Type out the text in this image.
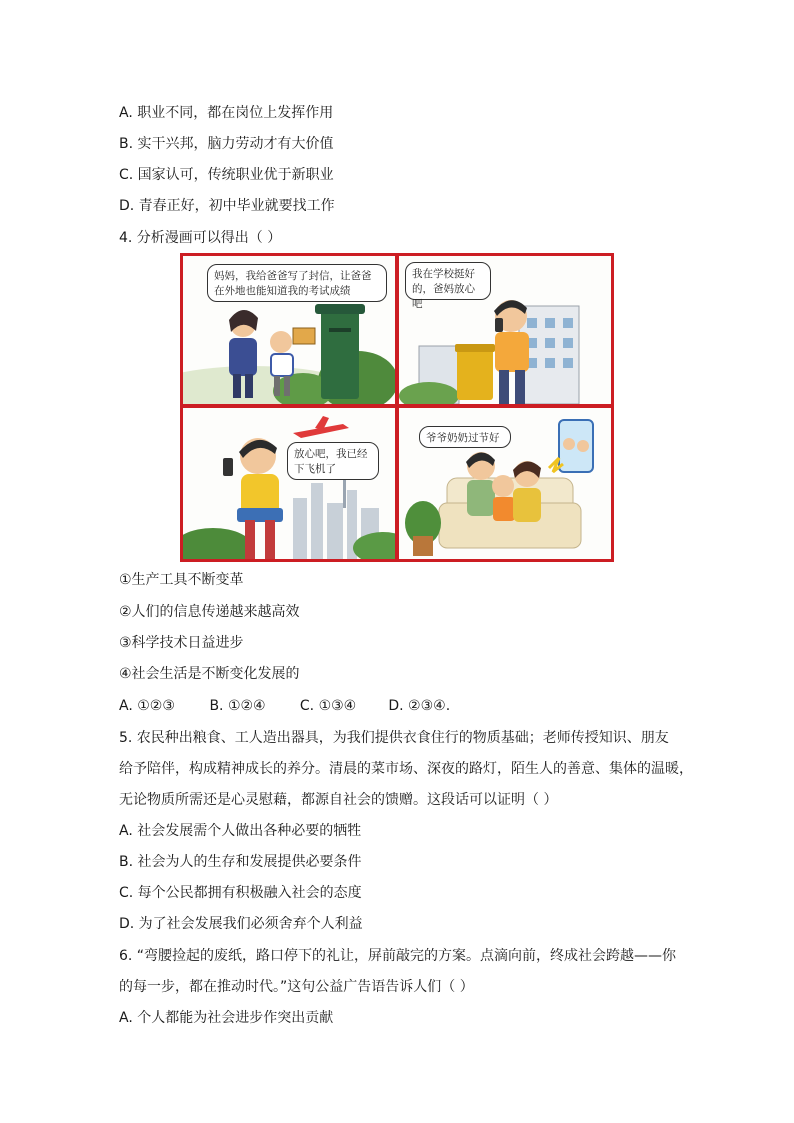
A. 职业不同，都在岗位上发挥作用
B. 实干兴邦，脑力劳动才有大价值
C. 国家认可，传统职业优于新职业
D. 青春正好，初中毕业就要找工作
4. 分析漫画可以得出（ ）
妈妈，我给爸爸写了封信，让爸爸在外地也能知道我的考试成绩
我在学校挺好的，爸妈放心吧
放心吧，我已经下飞机了
爷爷奶奶过节好
①生产工具不断变革
②人们的信息传递越来越高效
③科学技术日益进步
④社会生活是不断变化发展的
A. ①②③ B. ①②④ C. ①③④ D. ②③④.
5. 农民种出粮食、工人造出器具，为我们提供衣食住行的物质基础；老师传授知识、朋友
给予陪伴，构成精神成长的养分。清晨的菜市场、深夜的路灯，陌生人的善意、集体的温暖，
无论物质所需还是心灵慰藉，都源自社会的馈赠。这段话可以证明（ ）
A. 社会发展需个人做出各种必要的牺牲
B. 社会为人的生存和发展提供必要条件
C. 每个公民都拥有积极融入社会的态度
D. 为了社会发展我们必须舍弃个人利益
6. “弯腰捡起的废纸，路口停下的礼让，屏前敲完的方案。点滴向前，终成社会跨越——你
的每一步，都在推动时代。”这句公益广告语告诉人们（ ）
A. 个人都能为社会进步作突出贡献
